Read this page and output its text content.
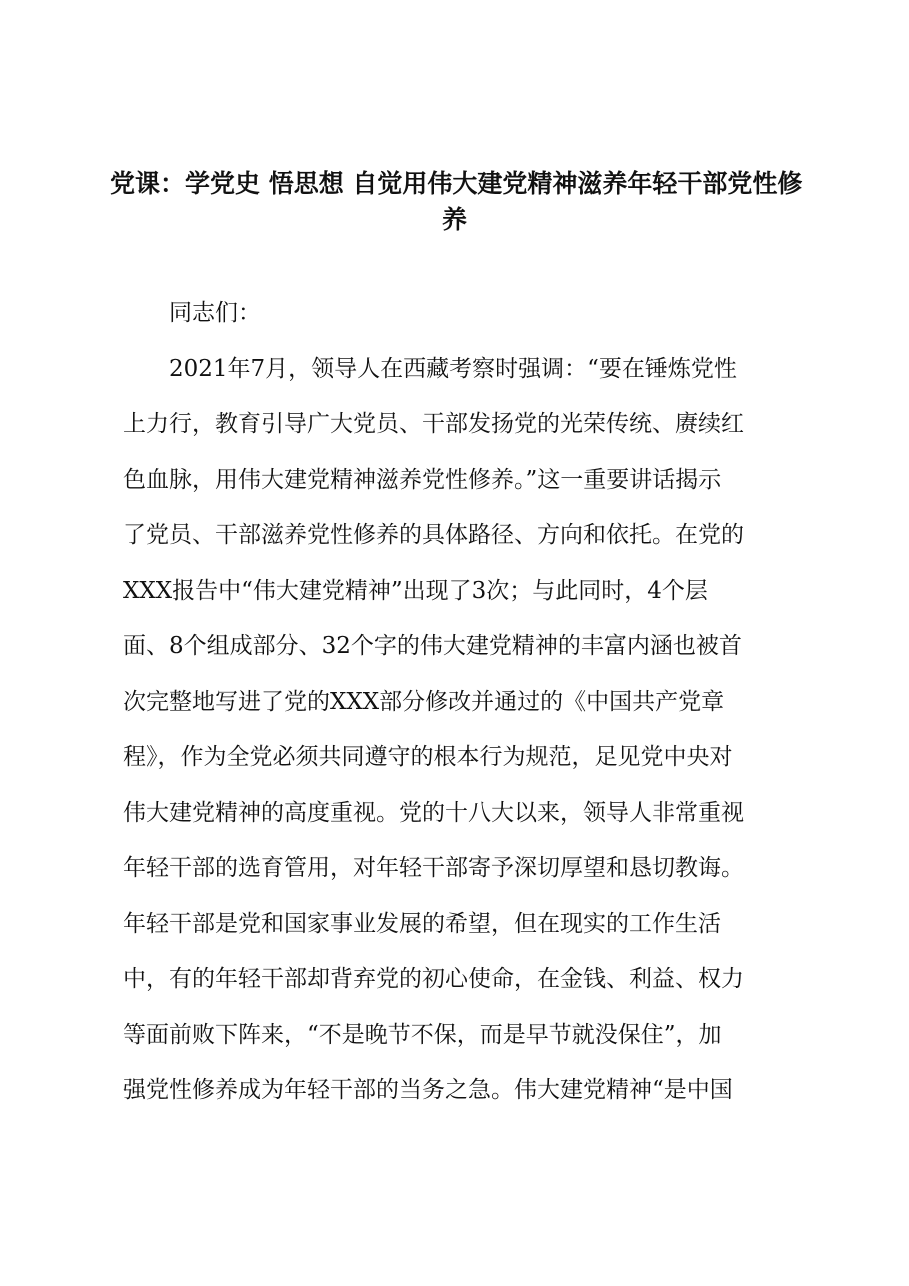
党课：学党史 悟思想 自觉用伟大建党精神滋养年轻干部党性修
养
同志们：
　　2021年7月，领导人在西藏考察时强调：“要在锤炼党性
上力行，教育引导广大党员、干部发扬党的光荣传统、赓续红
色血脉，用伟大建党精神滋养党性修养。”这一重要讲话揭示
了党员、干部滋养党性修养的具体路径、方向和依托。在党的
XXX报告中“伟大建党精神”出现了3次；与此同时，4个层
面、8个组成部分、32个字的伟大建党精神的丰富内涵也被首
次完整地写进了党的XXX部分修改并通过的《中国共产党章
程》，作为全党必须共同遵守的根本行为规范，足见党中央对
伟大建党精神的高度重视。党的十八大以来，领导人非常重视
年轻干部的选育管用，对年轻干部寄予深切厚望和恳切教诲。
年轻干部是党和国家事业发展的希望，但在现实的工作生活
中，有的年轻干部却背弃党的初心使命，在金钱、利益、权力
等面前败下阵来，“不是晚节不保，而是早节就没保住”，加
强党性修养成为年轻干部的当务之急。伟大建党精神“是中国
